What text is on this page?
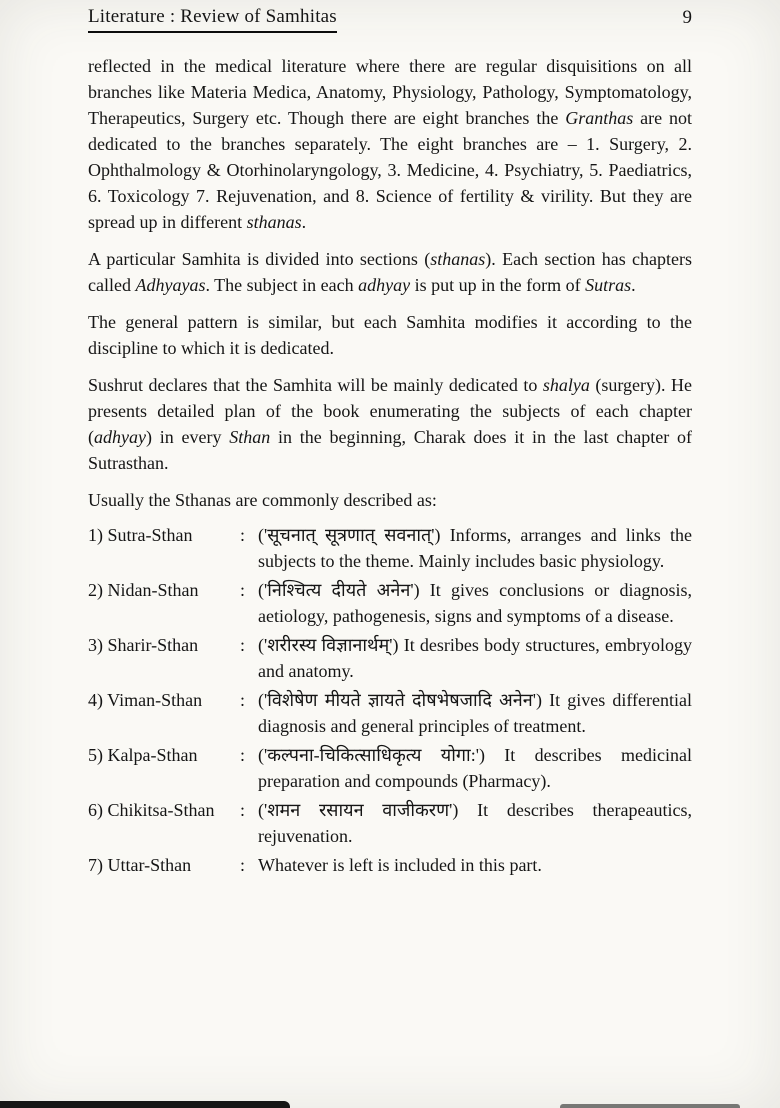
Literature : Review of Samhitas	9

reflected in the medical literature where there are regular disquisitions on all branches like Materia Medica, Anatomy, Physiology, Pathology, Symptomatology, Therapeutics, Surgery etc. Though there are eight branches the Granthas are not dedicated to the branches separately. The eight branches are – 1. Surgery, 2. Ophthalmology & Otorhinolaryngology, 3. Medicine, 4. Psychiatry, 5. Paediatrics, 6. Toxicology 7. Rejuvenation, and 8. Science of fertility & virility. But they are spread up in different sthanas.

A particular Samhita is divided into sections (sthanas). Each section has chapters called Adhyayas. The subject in each adhyay is put up in the form of Sutras.

The general pattern is similar, but each Samhita modifies it according to the discipline to which it is dedicated.

Sushrut declares that the Samhita will be mainly dedicated to shalya (surgery). He presents detailed plan of the book enumerating the subjects of each chapter (adhyay) in every Sthan in the beginning, Charak does it in the last chapter of Sutrasthan.

Usually the Sthanas are commonly described as:

1) Sutra-Sthan	: ('सूचनात् सूत्रणात् सवनात्') Informs, arranges and links the subjects to the theme. Mainly includes basic physiology.
2) Nidan-Sthan	: ('निश्चित्य दीयते अनेन') It gives conclusions or diagnosis, aetiology, pathogenesis, signs and symptoms of a disease.
3) Sharir-Sthan	: ('शरीरस्य विज्ञानार्थम्') It desribes body structures, embryology and anatomy.
4) Viman-Sthan	: ('विशेषेण मीयते ज्ञायते दोषभेषजादि अनेन') It gives differential diagnosis and general principles of treatment.
5) Kalpa-Sthan	: ('कल्पना-चिकित्साधिकृत्य योगा:') It describes medicinal preparation and compounds (Pharmacy).
6) Chikitsa-Sthan	: ('शमन रसायन वाजीकरण') It describes therapeautics, rejuvenation.
7) Uttar-Sthan	: Whatever is left is included in this part.
